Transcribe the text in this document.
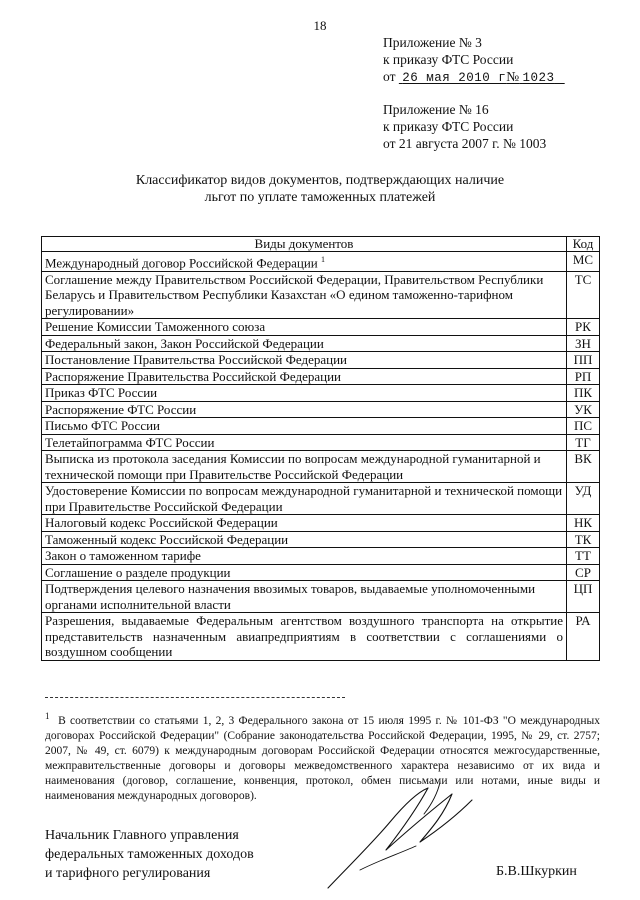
18
Приложение № 3
к приказу ФТС России
от 26 мая 2010 г№ 1023
Приложение № 16
к приказу ФТС России
от 21 августа 2007 г. № 1003
Классификатор видов документов, подтверждающих наличие
льгот по уплате таможенных платежей
Виды документов	Код
Международный договор Российской Федерации $^1$	МС
Соглашение между Правительством Российской Федерации, Правительством Республики Беларусь и Правительством Республики Казахстан «О едином таможенно-тарифном регулировании»	ТС
Решение Комиссии Таможенного союза	РК
Федеральный закон, Закон Российской Федерации	ЗН
Постановление Правительства Российской Федерации	ПП
Распоряжение Правительства Российской Федерации	РП
Приказ ФТС России	ПК
Распоряжение ФТС России	УК
Письмо ФТС России	ПС
Телетайпограмма ФТС России	ТГ
Выписка из протокола заседания Комиссии по вопросам международной гуманитарной и технической помощи при Правительстве Российской Федерации	ВК
Удостоверение Комиссии по вопросам международной гуманитарной и технической помощи при Правительстве Российской Федерации	УД
Налоговый кодекс Российской Федерации	НК
Таможенный кодекс Российской Федерации	ТК
Закон о таможенном тарифе	ТТ
Соглашение о разделе продукции	СР
Подтверждения целевого назначения ввозимых товаров, выдаваемые уполномоченными органами исполнительной власти	ЦП
Разрешения, выдаваемые Федеральным агентством воздушного транспорта на открытие представительств назначенным авиапредприятиям в соответствии с соглашениями о воздушном сообщении	РА
$^1$ В соответствии со статьями 1, 2, 3 Федерального закона от 15 июля 1995 г. № 101-ФЗ "О международных договорах Российской Федерации" (Собрание законодательства Российской Федерации, 1995, № 29, ст. 2757; 2007, № 49, ст. 6079) к международным договорам Российской Федерации относятся межгосударственные, межправительственные договоры и договоры межведомственного характера независимо от их вида и наименования (договор, соглашение, конвенция, протокол, обмен письмами или нотами, иные виды и наименования международных договоров).
Начальник Главного управления
федеральных таможенных доходов
и тарифного регулирования	Б.В.Шкуркин
